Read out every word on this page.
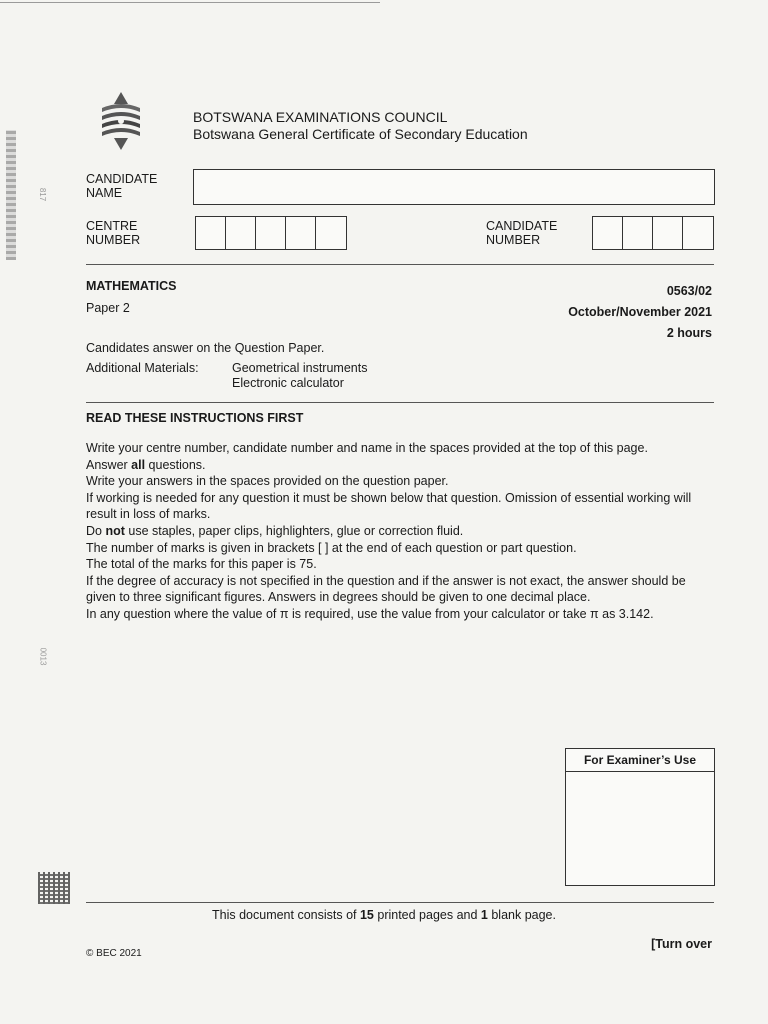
817
0013
BOTSWANA EXAMINATIONS COUNCIL
Botswana General Certificate of Secondary Education
CANDIDATE
NAME
CENTRE
NUMBER
CANDIDATE
NUMBER
MATHEMATICS
Paper 2
0563/02
October/November 2021
2 hours
Candidates answer on the Question Paper.
Additional Materials:	Geometrical instruments
Electronic calculator
READ THESE INSTRUCTIONS FIRST

Write your centre number, candidate number and name in the spaces provided at the top of this page.

Answer all questions.

Write your answers in the spaces provided on the question paper.

If working is needed for any question it must be shown below that question. Omission of essential working will result in loss of marks.

Do not use staples, paper clips, highlighters, glue or correction fluid.

The number of marks is given in brackets [ ] at the end of each question or part question.

The total of the marks for this paper is 75.

If the degree of accuracy is not specified in the question and if the answer is not exact, the answer should be given to three significant figures. Answers in degrees should be given to one decimal place.

In any question where the value of π is required, use the value from your calculator or take π as 3.142.

For Examiner’s Use
This document consists of 15 printed pages and 1 blank page.
© BEC 2021
[Turn over
